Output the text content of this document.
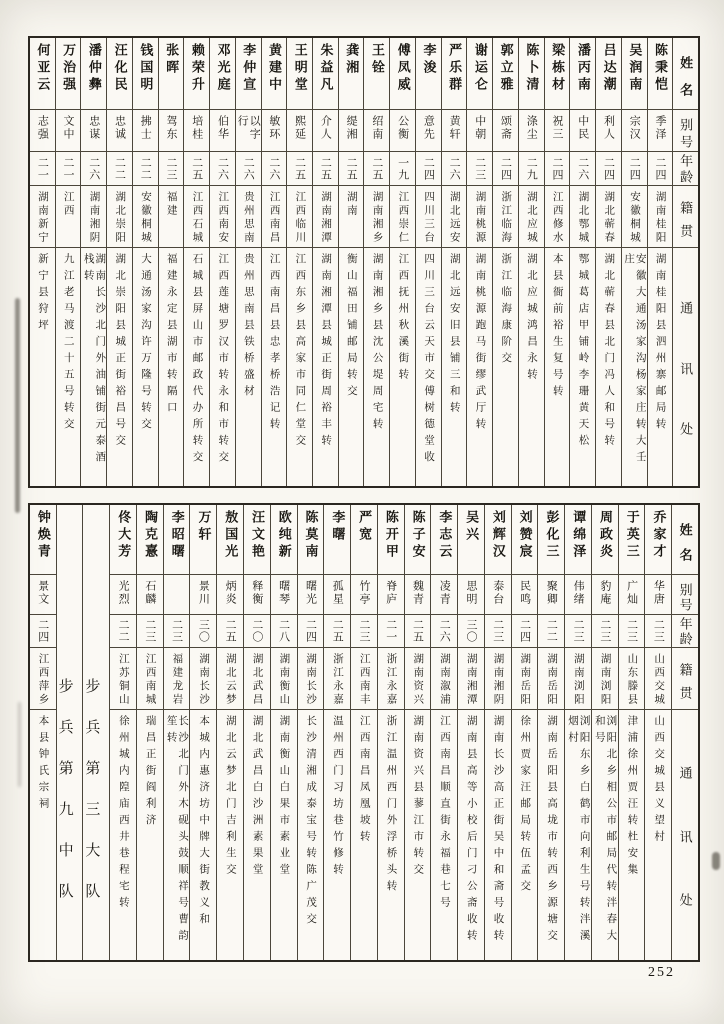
姓
名
别
号
年
龄
籍
贯
通
讯
处
陈秉恺
季泽
二四
湖南桂阳
湖南桂阳县泗州寨邮局转
吴润南
宗汉
二四
安徽桐城
安徽大通汤家沟杨家庄转大壬庄
吕达潮
利人
二四
湖北蕲春
湖北蕲春县北门冯人和号转
潘丙南
中民
二六
湖北鄂城
鄂城葛店甲铺岭李珊黄天松
梁栋材
祝三
二四
江西修水
本县衙前裕生复号转
陈卜清
涤尘
二九
湖北应城
湖北应城鸿昌永转
郭立雅
颂斋
二四
浙江临海
浙江临海康阶交
谢运仑
中朝
二三
湖南桃源
湖南桃源跑马街缪武厅转
严乐群
黄轩
二六
湖北远安
湖北远安旧县铺三和转
李浚
意先
二四
四川三台
四川三台云天市交傅树德堂收
傅凤威
公衡
一九
江西崇仁
江西抚州秋溪街转
王铨
绍南
二五
湖南湘乡
湖南湘乡县沈公堤周宅转
龚湘
缇湘
二五
湖南
衡山福田铺邮局转交
朱益凡
介人
二五
湖南湘潭
湖南湘潭县城正街周裕丰转
王明堂
熙延
二五
江西临川
江西东乡县高家市同仁堂交
黄建中
敏环
二六
江西南昌
江西南昌县忠孝桥浩记转
李仲宣
以字行
二六
贵州思南
贵州思南县铁桥盛材
邓光庭
伯华
二六
江西南安
江西莲塘罗汉市转永和市转交
赖荣升
培桂
二五
江西石城
石城县屏山市邮政代办所转交
张晖
驾东
二三
福建
福建永定县湖市转隔口
钱国明
拂士
二二
安徽桐城
大通汤家沟许万隆号转交
汪化民
忠诚
二二
湖北崇阳
湖北崇阳县城正街裕昌号交
潘仲彝
忠谋
二六
湖南湘阴
湖南长沙北门外油铺街元泰酒栈转
万治强
文中
二一
江西
九江老马渡二十五号转交
何亚云
志强
二一
湖南新宁
新宁县狩坪
姓
名
别
号
年
龄
籍
贯
通
讯
处
乔家才
华唐
二三
山西交城
山西交城县义望村
于英三
广灿
二三
山东滕县
津浦徐州贾汪转杜安集
周政炎
豹庵
二三
湖南浏阳
浏阳北乡相公市邮局代转泮春大和号
谭绵泽
伟绪
二三
湖南浏阳
浏阳东乡白鹤市向利生号转泮溪烟村
彭化三
聚卿
二二
湖南岳阳
湖南岳阳县高垅市转西乡源塘交
刘赞宸
民鸣
二四
湖南岳阳
徐州贾家汪邮局转伍孟交
刘辉汉
泰台
二三
湖南湘阴
湖南长沙高正街吴中和斋号收转
吴兴
思明
三〇
湖南湘潭
湖南县高等小校后门刁公斋收转
李志云
凌青
二六
湖南溆浦
江西南昌顺直街永福巷七号
陈子安
魏青
二五
湖南资兴
湖南资兴县蓼江市转交
陈开甲
脊庐
二一
浙江永嘉
浙江温州西门外浮桥头转
严宽
竹亭
二三
江西南丰
江西南昌凤凰坡转
李曙
孤星
二五
浙江永嘉
温州西门习坊巷竹修转
陈莫南
曙光
二四
湖南长沙
长沙清湘成泰宝号转陈广茂交
欧纯新
曙琴
二八
湖南衡山
湖南衡山白果市素业堂
汪文艳
释衡
二〇
湖北武昌
湖北武昌白沙洲素果堂
敖国光
炳炎
二五
湖北云梦
湖北云梦北门吉利生交
万轩
景川
三〇
湖南长沙
本城内惠济坊中牌大街教义和
李昭曙
二三
福建龙岩
长沙北门外木砚头鼓顺祥号曹韵笙转
陶克憙
石麟
二三
江西南城
瑞昌正街阎利济
佟大芳
光烈
二二
江苏铜山
徐州城内隍庙西井巷程宅转
步兵第三大队
步兵第九中队
钟焕青
景文
二四
江西萍乡
本县钟氏宗祠
252
